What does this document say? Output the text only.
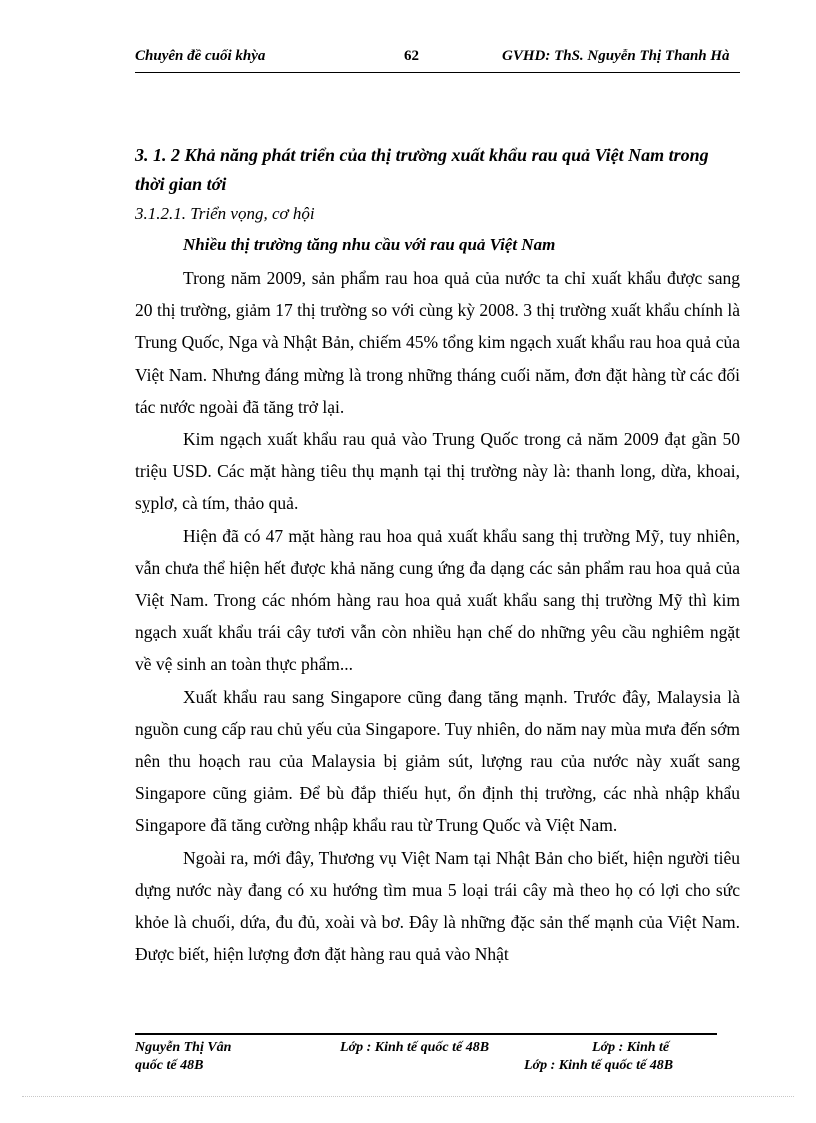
Chuyên đề cuối khỳa	62	GVHD: ThS. Nguyễn Thị Thanh Hà
3. 1. 2 Khả năng phát triển của thị trường xuất khẩu rau quả Việt Nam trong thời gian tới
3.1.2.1. Triển vọng, cơ hội
Nhiều thị trường tăng nhu cầu với rau quả Việt Nam

Trong năm 2009, sản phẩm rau hoa quả của nước ta chỉ xuất khẩu được sang 20 thị trường, giảm 17 thị trường so với cùng kỳ 2008. 3 thị trường xuất khẩu chính là Trung Quốc, Nga và Nhật Bản, chiếm 45% tổng kim ngạch xuất khẩu rau hoa quả của Việt Nam. Nhưng đáng mừng là trong những tháng cuối năm, đơn đặt hàng từ các đối tác nước ngoài đã tăng trở lại.

Kim ngạch xuất khẩu rau quả vào Trung Quốc trong cả năm 2009 đạt gần 50 triệu USD. Các mặt hàng tiêu thụ mạnh tại thị trường này là: thanh long, dừa, khoai, sỵplơ, cà tím, thảo quả.

Hiện đã có 47 mặt hàng rau hoa quả xuất khẩu sang thị trường Mỹ, tuy nhiên, vẫn chưa thể hiện hết được khả năng cung ứng đa dạng các sản phẩm rau hoa quả của Việt Nam. Trong các nhóm hàng rau hoa quả xuất khẩu sang thị trường Mỹ thì kim ngạch xuất khẩu trái cây tươi vẫn còn nhiều hạn chế do những yêu cầu nghiêm ngặt về vệ sinh an toàn thực phẩm...

Xuất khẩu rau sang Singapore cũng đang tăng mạnh. Trước đây, Malaysia là nguồn cung cấp rau chủ yếu của Singapore. Tuy nhiên, do năm nay mùa mưa đến sớm nên thu hoạch rau của Malaysia bị giảm sút, lượng rau của nước này xuất sang Singapore cũng giảm. Để bù đắp thiếu hụt, ổn định thị trường, các nhà nhập khẩu Singapore đã tăng cường nhập khẩu rau từ Trung Quốc và Việt Nam.

Ngoài ra, mới đây, Thương vụ Việt Nam tại Nhật Bản cho biết, hiện người tiêu dựng nước này đang có xu hướng tìm mua 5 loại trái cây mà theo họ có lợi cho sức khỏe là chuối, dứa, đu đủ, xoài và bơ. Đây là những đặc sản thế mạnh của Việt Nam. Được biết, hiện lượng đơn đặt hàng rau quả vào Nhật

Nguyễn Thị Vân
quốc tế 48B
Lớp : Kinh tế quốc tế 48B	Lớp : Kinh tế
Lớp : Kinh tế quốc tế 48B
